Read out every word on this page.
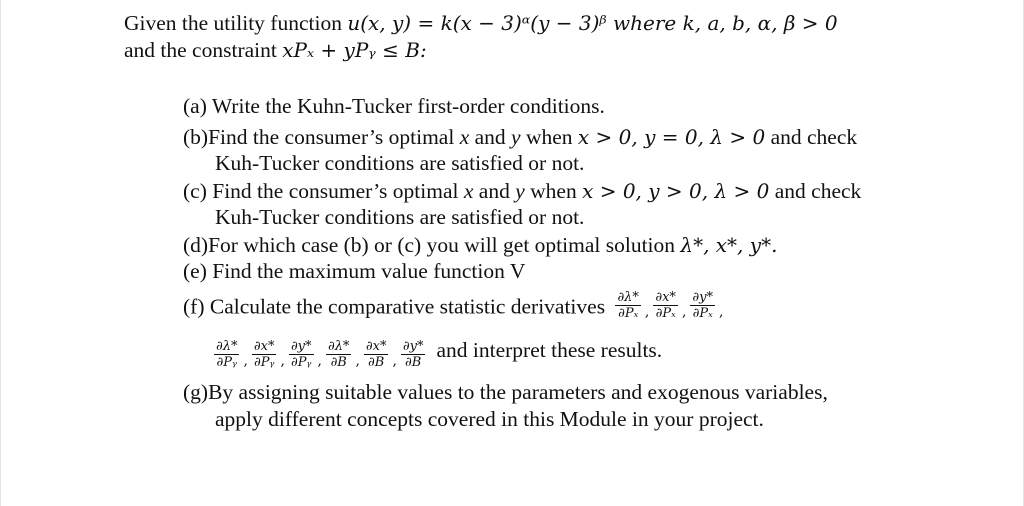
Given the utility function u(x, y) = k(x − 3)ᵅ(y − 3)ᵝ where k, a, b, α, β > 0
and the constraint xPₓ + yPᵧ ≤ B:
(a) Write the Kuhn-Tucker first-order conditions.
(b)Find the consumer’s optimal x and y when x > 0, y = 0, λ > 0 and check
Kuh-Tucker conditions are satisfied or not.
(c) Find the consumer’s optimal x and y when x > 0, y > 0, λ > 0 and check
Kuh-Tucker conditions are satisfied or not.
(d)For which case (b) or (c) you will get optimal solution λ*, x*, y*.
(e) Find the maximum value function V
(f) Calculate the comparative statistic derivatives $\frac{\partial\lambda*}{\text{∂Pₓ}}$ , $\frac{\partial x*}{\text{∂Pₓ}}$ , $\frac{\partial y*}{\text{∂Pₓ}}$ ,
$\frac{\partial\lambda*}{\text{∂Pᵧ}}$ , $\frac{\partial x*}{\text{∂Pᵧ}}$ , $\frac{\partial y*}{\text{∂Pᵧ}}$ , $\frac{\partial\lambda*}{\partial B}$ , $\frac{\partial x*}{\partial B}$ , $\frac{\partial y*}{\partial B}$ and interpret these results.
(g)By assigning suitable values to the parameters and exogenous variables,
apply different concepts covered in this Module in your project.
